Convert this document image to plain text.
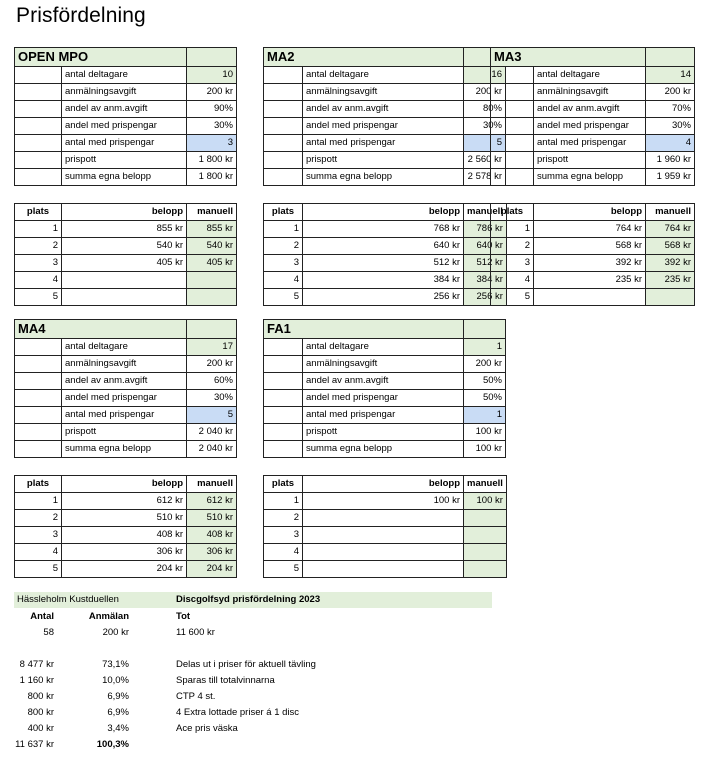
Prisfördelning
OPEN MPO		
	antal deltagare	10
	anmälningsavgift	200 kr
	andel av anm.avgift	90%
	andel med prispengar	30%
	antal med prispengar	3
	prispott	1 800 kr
	summa egna belopp	1 800 kr
plats	belopp	manuell
1	855 kr	855 kr
2	540 kr	540 kr
3	405 kr	405 kr
4		
5		
MA2		
	antal deltagare	16
	anmälningsavgift	200 kr
	andel av anm.avgift	80%
	andel med prispengar	30%
	antal med prispengar	5
	prispott	2 560 kr
	summa egna belopp	2 578 kr
plats	belopp	manuell
1	768 kr	786 kr
2	640 kr	640 kr
3	512 kr	512 kr
4	384 kr	384 kr
5	256 kr	256 kr
MA3		
	antal deltagare	14
	anmälningsavgift	200 kr
	andel av anm.avgift	70%
	andel med prispengar	30%
	antal med prispengar	4
	prispott	1 960 kr
	summa egna belopp	1 959 kr
plats	belopp	manuell
1	764 kr	764 kr
2	568 kr	568 kr
3	392 kr	392 kr
4	235 kr	235 kr
5		
MA4		
	antal deltagare	17
	anmälningsavgift	200 kr
	andel av anm.avgift	60%
	andel med prispengar	30%
	antal med prispengar	5
	prispott	2 040 kr
	summa egna belopp	2 040 kr
plats	belopp	manuell
1	612 kr	612 kr
2	510 kr	510 kr
3	408 kr	408 kr
4	306 kr	306 kr
5	204 kr	204 kr
FA1		
	antal deltagare	1
	anmälningsavgift	200 kr
	andel av anm.avgift	50%
	andel med prispengar	50%
	antal med prispengar	1
	prispott	100 kr
	summa egna belopp	100 kr
plats	belopp	manuell
1	100 kr	100 kr
2		
3		
4		
5		
Hässleholm Kustduellen	Discgolfsyd prisfördelning 2023
Antal	Anmälan	Tot
58	200 kr	11 600 kr
8 477 kr	73,1%	Delas ut i priser för aktuell tävling
1 160 kr	10,0%	Sparas till totalvinnarna
800 kr	6,9%	CTP 4 st.
800 kr	6,9%	4 Extra lottade priser á 1 disc
400 kr	3,4%	Ace pris väska
11 637 kr	100,3%
